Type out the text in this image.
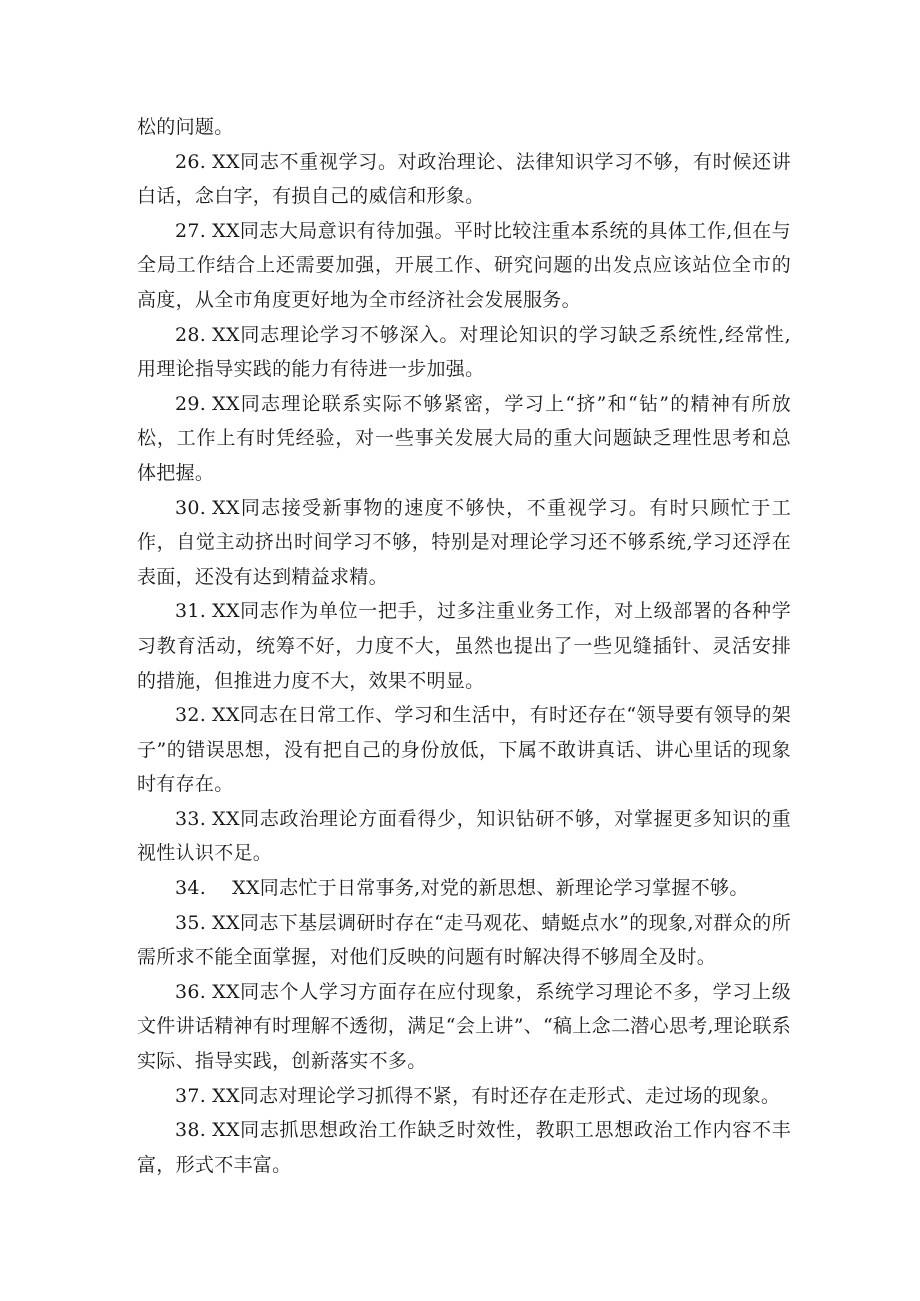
松的问题。

26. XX同志不重视学习。对政治理论、法律知识学习不够，有时候还讲白话，念白字，有损自己的威信和形象。

27. XX同志大局意识有待加强。平时比较注重本系统的具体工作,但在与全局工作结合上还需要加强，开展工作、研究问题的出发点应该站位全市的高度，从全市角度更好地为全市经济社会发展服务。

28. XX同志理论学习不够深入。对理论知识的学习缺乏系统性,经常性,用理论指导实践的能力有待进一步加强。

29. XX同志理论联系实际不够紧密，学习上“挤”和“钻”的精神有所放松，工作上有时凭经验，对一些事关发展大局的重大问题缺乏理性思考和总体把握。

30. XX同志接受新事物的速度不够快，不重视学习。有时只顾忙于工作，自觉主动挤出时间学习不够，特别是对理论学习还不够系统,学习还浮在表面，还没有达到精益求精。

31. XX同志作为单位一把手，过多注重业务工作，对上级部署的各种学习教育活动，统筹不好，力度不大，虽然也提出了一些见缝插针、灵活安排的措施，但推进力度不大，效果不明显。

32. XX同志在日常工作、学习和生活中，有时还存在“领导要有领导的架子”的错误思想，没有把自己的身份放低，下属不敢讲真话、讲心里话的现象时有存在。

33. XX同志政治理论方面看得少，知识钻研不够，对掌握更多知识的重视性认识不足。

34. XX同志忙于日常事务,对党的新思想、新理论学习掌握不够。

35. XX同志下基层调研时存在“走马观花、蜻蜓点水”的现象,对群众的所需所求不能全面掌握，对他们反映的问题有时解决得不够周全及时。

36. XX同志个人学习方面存在应付现象，系统学习理论不多，学习上级文件讲话精神有时理解不透彻，满足“会上讲”、“稿上念二潜心思考,理论联系实际、指导实践，创新落实不多。

37. XX同志对理论学习抓得不紧，有时还存在走形式、走过场的现象。

38. XX同志抓思想政治工作缺乏时效性，教职工思想政治工作内容不丰富，形式不丰富。
